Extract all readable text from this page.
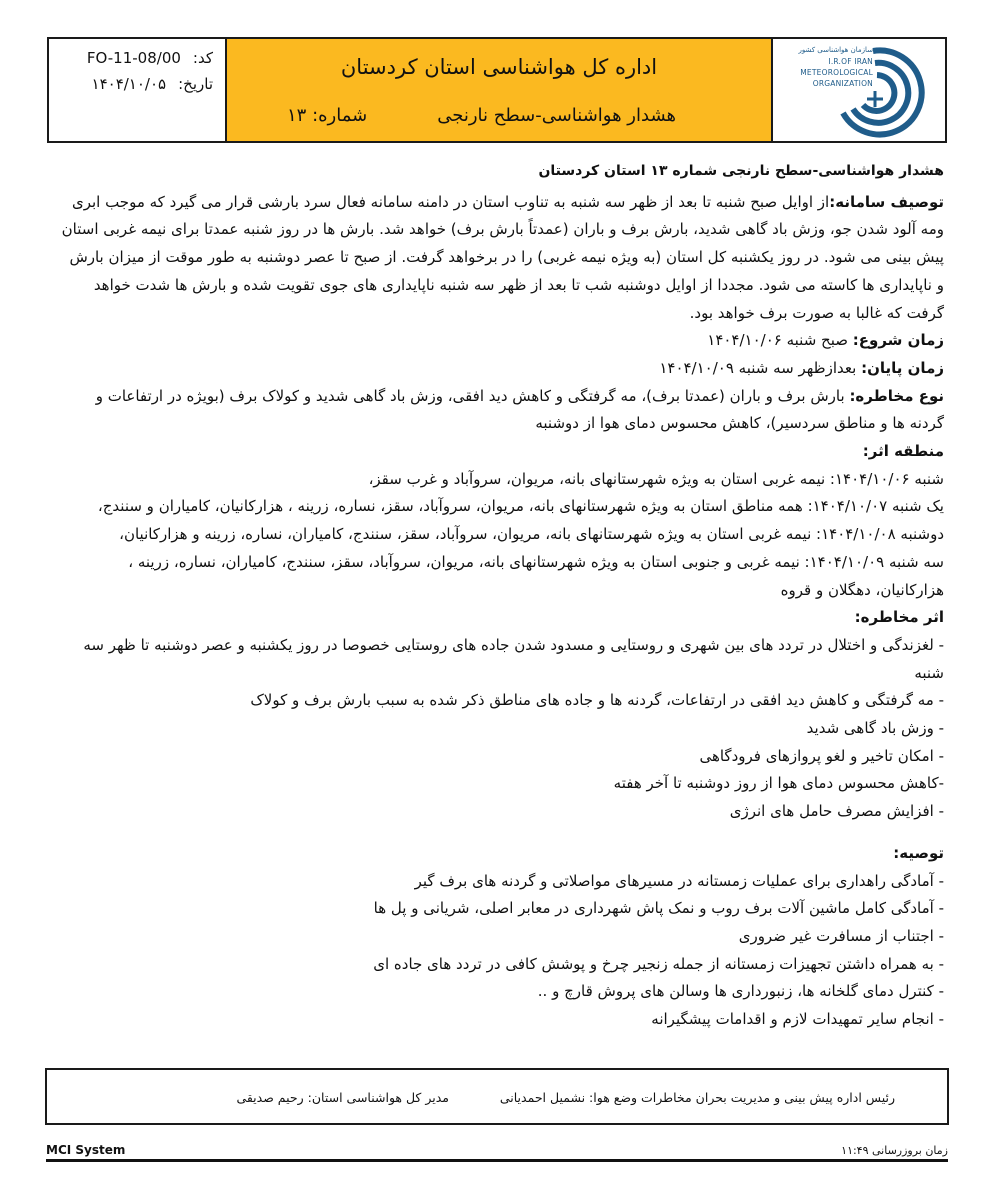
FO-11-08/00 کد:
۱۴۰۴/۱۰/۰۵ تاریخ:
اداره کل هواشناسی استان کردستان
هشدار هواشناسی-سطح نارنجی
شماره: ۱۳
سازمان هواشناسی کشور
I.R.OF IRAN
METEOROLOGICAL
ORGANIZATION

هشدار هواشناسی-سطح نارنجی شماره ۱۳ استان کردستان

توصیف سامانه:از اوایل صبح شنبه تا بعد از ظهر سه شنبه به تناوب استان در دامنه سامانه فعال سرد بارشی قرار می گیرد که موجب ابری ومه آلود شدن جو، وزش باد گاهی شدید، بارش برف و باران (عمدتاً بارش برف) خواهد شد. بارش ها در روز شنبه عمدتا برای نیمه غربی استان پیش بینی می شود. در روز یکشنبه کل استان (به ویژه نیمه غربی) را در برخواهد گرفت. از صبح تا عصر دوشنبه به طور موقت از میزان بارش و ناپایداری ها کاسته می شود. مجددا از اوایل دوشنبه شب تا بعد از ظهر سه شنبه ناپایداری های جوی تقویت شده و بارش ها شدت خواهد گرفت که غالبا به صورت برف خواهد بود.

زمان شروع: صبح شنبه ۱۴۰۴/۱۰/۰۶

زمان پایان: بعدازظهر سه شنبه ۱۴۰۴/۱۰/۰۹

نوع مخاطره: بارش برف و باران (عمدتا برف)، مه گرفتگی و کاهش دید افقی، وزش باد گاهی شدید و کولاک برف (بویژه در ارتفاعات و گردنه ها و مناطق سردسیر)، کاهش محسوس دمای هوا از دوشنبه

منطقه اثر:

شنبه ۱۴۰۴/۱۰/۰۶: نیمه غربی استان به ویژه شهرستانهای بانه، مریوان، سروآباد و غرب سقز،

یک شنبه ۱۴۰۴/۱۰/۰۷: همه مناطق استان به ویژه شهرستانهای بانه، مریوان، سروآباد، سقز، نساره، زرینه ، هزارکانیان، کامیاران و سنندج،

دوشنبه ۱۴۰۴/۱۰/۰۸: نیمه غربی استان به ویژه شهرستانهای بانه، مریوان، سروآباد، سقز، سنندج، کامیاران، نساره، زرینه و هزارکانیان،

سه شنبه ۱۴۰۴/۱۰/۰۹: نیمه غربی و جنوبی استان به ویژه شهرستانهای بانه، مریوان، سروآباد، سقز، سنندج، کامیاران، نساره، زرینه ، هزارکانیان، دهگلان و قروه

اثر مخاطره:

- لغزندگی و اختلال در تردد های بین شهری و روستایی و مسدود شدن جاده های روستایی خصوصا در روز یکشنبه و عصر دوشنبه تا ظهر سه شنبه

- مه گرفتگی و کاهش دید افقی در ارتفاعات، گردنه ها و جاده های مناطق ذکر شده به سبب بارش برف و کولاک

- وزش باد گاهی شدید

- امکان تاخیر و لغو پروازهای فرودگاهی

-کاهش محسوس دمای هوا از روز دوشنبه تا آخر هفته

- افزایش مصرف حامل های انرژی

توصیه:

- آمادگی راهداری برای عملیات زمستانه در مسیرهای مواصلاتی و گردنه های برف گیر

- آمادگی کامل ماشین آلات برف روب و نمک پاش شهرداری در معابر اصلی، شریانی و پل ها

- اجتناب از مسافرت غیر ضروری

- به همراه داشتن تجهیزات زمستانه از جمله زنجیر چرخ و پوشش کافی در تردد های جاده ای

- کنترل دمای گلخانه ها، زنبورداری ها وسالن های پروش قارچ و ..

- انجام سایر تمهیدات لازم و اقدامات پیشگیرانه

رئیس اداره پیش بینی و مدیریت بحران مخاطرات وضع هوا: نشمیل احمدیانی
مدیر کل هواشناسی استان: رحیم صدیقی
MCI System	زمان بروزرسانی ۱۱:۴۹
